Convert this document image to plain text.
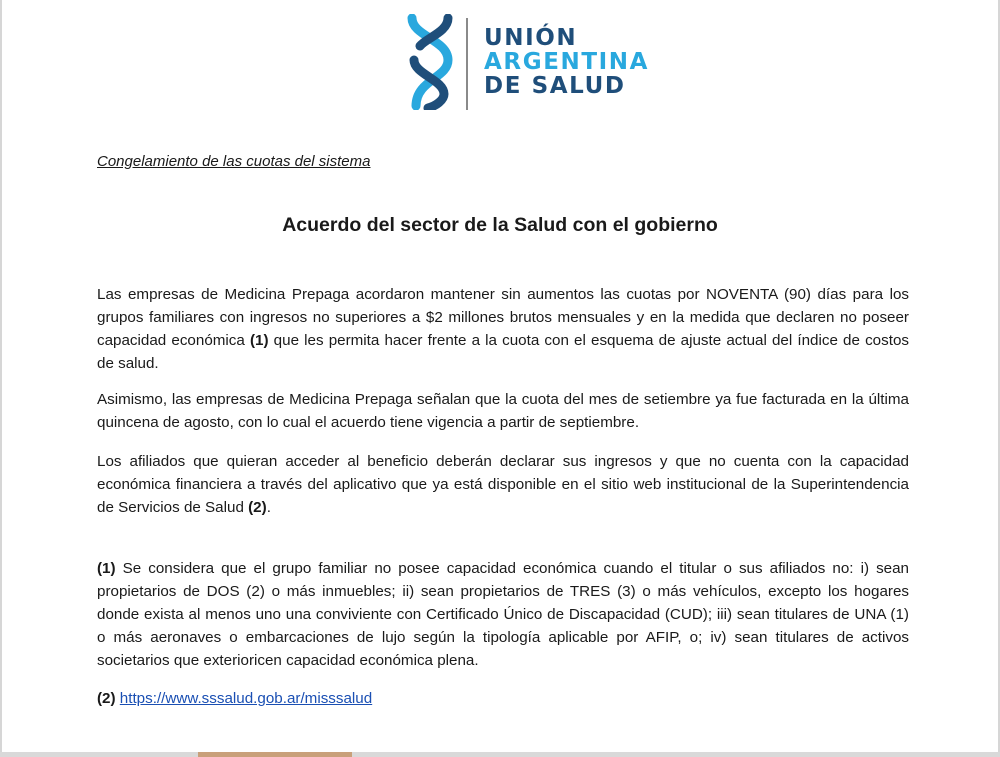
UNIÓN
ARGENTINA
DE SALUD
Congelamiento de las cuotas del sistema
Acuerdo del sector de la Salud con el gobierno

Las empresas de Medicina Prepaga acordaron mantener sin aumentos las cuotas por NOVENTA (90) días para los grupos familiares con ingresos no superiores a $2 millones brutos mensuales y en la medida que declaren no poseer capacidad económica (1) que les permita hacer frente a la cuota con el esquema de ajuste actual del índice de costos de salud.

Asimismo, las empresas de Medicina Prepaga señalan que la cuota del mes de setiembre ya fue facturada en la última quincena de agosto, con lo cual el acuerdo tiene vigencia a partir de septiembre.

Los afiliados que quieran acceder al beneficio deberán declarar sus ingresos y que no cuenta con la capacidad económica financiera a través del aplicativo que ya está disponible en el sitio web institucional de la Superintendencia de Servicios de Salud (2).

(1) Se considera que el grupo familiar no posee capacidad económica cuando el titular o sus afiliados no: i) sean propietarios de DOS (2) o más inmuebles; ii) sean propietarios de TRES (3) o más vehículos, excepto los hogares donde exista al menos uno una conviviente con Certificado Único de Discapacidad (CUD); iii) sean titulares de UNA (1) o más aeronaves o embarcaciones de lujo según la tipología aplicable por AFIP, o; iv) sean titulares de activos societarios que exterioricen capacidad económica plena.

(2) https://www.sssalud.gob.ar/misssalud
